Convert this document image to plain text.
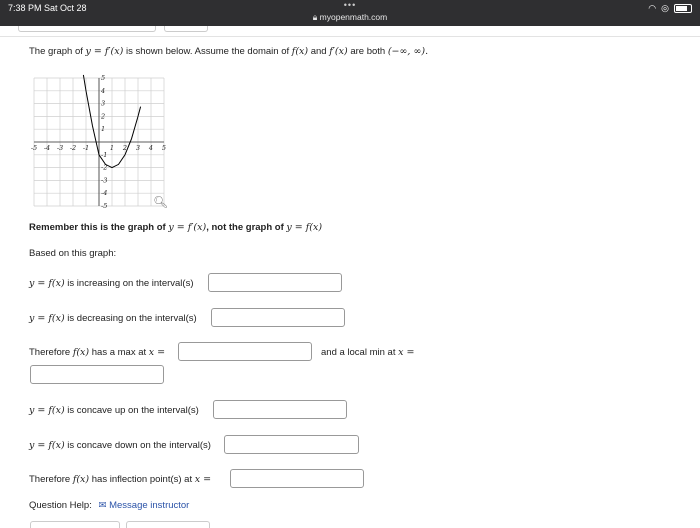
7:38 PM Sat Oct 28	•••
🔒︎ myopenmath.com
◠ ◎
The graph of y = f′(x) is shown below. Assume the domain of f(x) and f′(x) are both (−∞, ∞).
-5 -4 -3 -2 -1	1 2 3 4 5
5
4
3
2
1
-1
-2
-3
-4
-5	🔍︎
Remember this is the graph of y = f′(x), not the graph of y = f(x)
Based on this graph:
y = f(x) is increasing on the interval(s)
y = f(x) is decreasing on the interval(s)
Therefore f(x) has a max at x =	and a local min at x =
y = f(x) is concave up on the interval(s)
y = f(x) is concave down on the interval(s)
Therefore f(x) has inflection point(s) at x =
Question Help: ✉︎ Message instructor
